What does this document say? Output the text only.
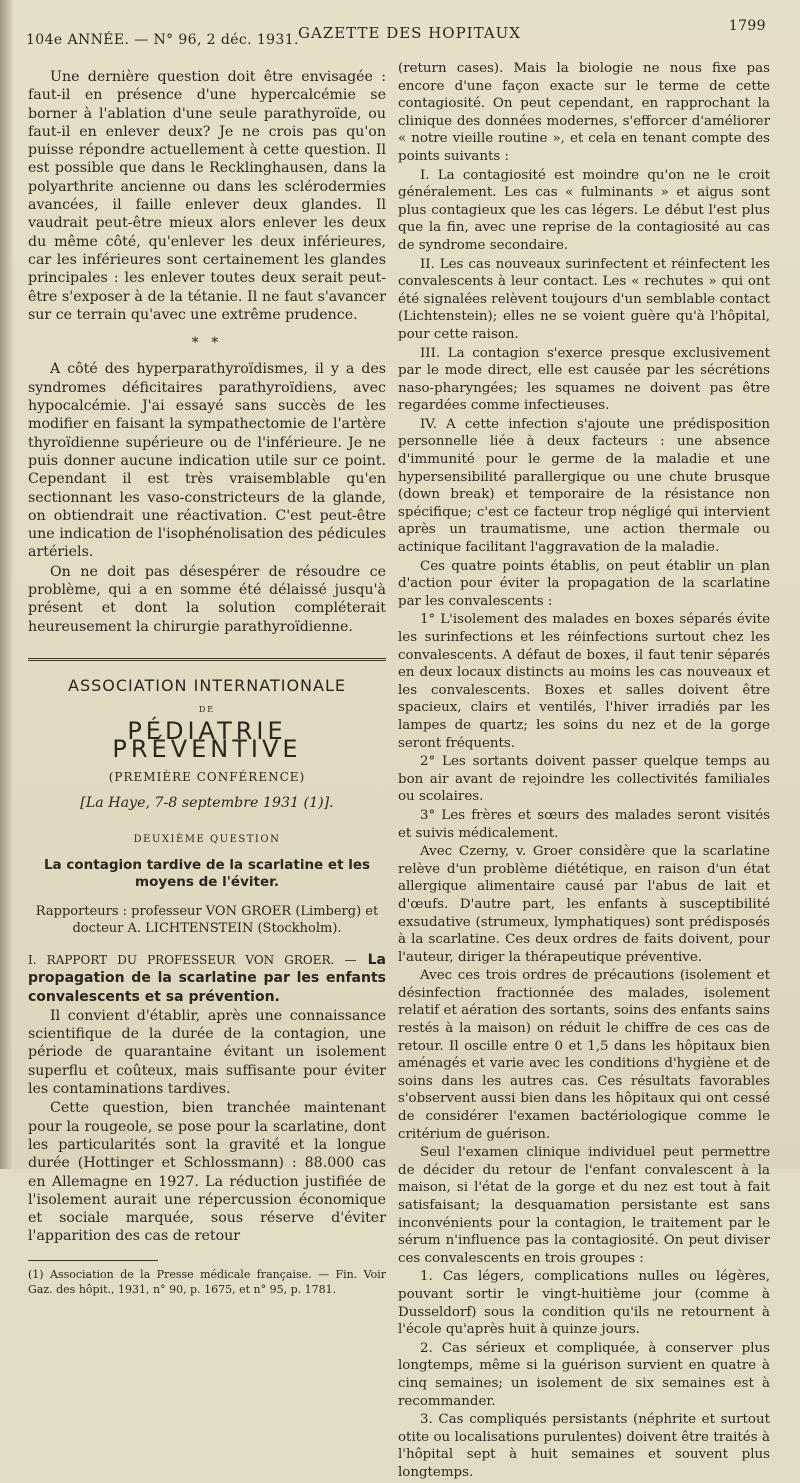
104e ANNÉE. — N° 96, 2 déc. 1931. GAZETTE DES HOPITAUX	1799

Une dernière question doit être envisagée : faut-il en présence d'une hypercalcémie se borner à l'ablation d'une seule parathyroïde, ou faut-il en enlever deux? Je ne crois pas qu'on puisse répondre actuellement à cette question. Il est possible que dans le Recklinghausen, dans la polyarthrite ancienne ou dans les sclérodermies avancées, il faille enlever deux glandes. Il vaudrait peut-être mieux alors enlever les deux du même côté, qu'enlever les deux inférieures, car les inférieures sont certainement les glandes principales : les enlever toutes deux serait peut-être s'exposer à de la tétanie. Il ne faut s'avancer sur ce terrain qu'avec une extrême prudence.

* *

A côté des hyperparathyroïdismes, il y a des syndromes déficitaires parathyroïdiens, avec hypocalcémie. J'ai essayé sans succès de les modifier en faisant la sympathectomie de l'artère thyroïdienne supérieure ou de l'inférieure. Je ne puis donner aucune indication utile sur ce point. Cependant il est très vraisemblable qu'en sectionnant les vaso-constricteurs de la glande, on obtiendrait une réactivation. C'est peut-être une indication de l'isophénolisation des pédicules artériels.

On ne doit pas désespérer de résoudre ce problème, qui a en somme été délaissé jusqu'à présent et dont la solution compléterait heureusement la chirurgie parathyroïdienne.

ASSOCIATION INTERNATIONALE
DE
PÉDIATRIE PRÉVENTIVE
(PREMIÈRE CONFÉRENCE)
[La Haye, 7-8 septembre 1931 (1)].
DEUXIÈME QUESTION
La contagion tardive de la scarlatine et les moyens de l'éviter.
Rapporteurs : professeur VON GROER (Limberg) et docteur A. LICHTENSTEIN (Stockholm).

I. RAPPORT DU PROFESSEUR VON GROER. — La propagation de la scarlatine par les enfants convalescents et sa prévention.

Il convient d'établir, après une connaissance scientifique de la durée de la contagion, une période de quarantaine évitant un isolement superflu et coûteux, mais suffisante pour éviter les contaminations tardives.

Cette question, bien tranchée maintenant pour la rougeole, se pose pour la scarlatine, dont les particularités sont la gravité et la longue durée (Hottinger et Schlossmann) : 88.000 cas en Allemagne en 1927. La réduction justifiée de l'isolement aurait une répercussion économique et sociale marquée, sous réserve d'éviter l'apparition des cas de retour

(1) Association de la Presse médicale française. — Fin. Voir Gaz. des hôpit., 1931, n° 90, p. 1675, et n° 95, p. 1781.

(return cases). Mais la biologie ne nous fixe pas encore d'une façon exacte sur le terme de cette contagiosité. On peut cependant, en rapprochant la clinique des données modernes, s'efforcer d'améliorer « notre vieille routine », et cela en tenant compte des points suivants :

I. La contagiosité est moindre qu'on ne le croit généralement. Les cas « fulminants » et aigus sont plus contagieux que les cas légers. Le début l'est plus que la fin, avec une reprise de la contagiosité au cas de syndrome secondaire.

II. Les cas nouveaux surinfectent et réinfectent les convalescents à leur contact. Les « rechutes » qui ont été signalées relèvent toujours d'un semblable contact (Lichtenstein); elles ne se voient guère qu'à l'hôpital, pour cette raison.

III. La contagion s'exerce presque exclusivement par le mode direct, elle est causée par les sécrétions naso-pharyngées; les squames ne doivent pas être regardées comme infectieuses.

IV. A cette infection s'ajoute une prédisposition personnelle liée à deux facteurs : une absence d'immunité pour le germe de la maladie et une hypersensibilité parallergique ou une chute brusque (down break) et temporaire de la résistance non spécifique; c'est ce facteur trop négligé qui intervient après un traumatisme, une action thermale ou actinique facilitant l'aggravation de la maladie.

Ces quatre points établis, on peut établir un plan d'action pour éviter la propagation de la scarlatine par les convalescents :

1° L'isolement des malades en boxes séparés évite les surinfections et les réinfections surtout chez les convalescents. A défaut de boxes, il faut tenir séparés en deux locaux distincts au moins les cas nouveaux et les convalescents. Boxes et salles doivent être spacieux, clairs et ventilés, l'hiver irradiés par les lampes de quartz; les soins du nez et de la gorge seront fréquents.

2° Les sortants doivent passer quelque temps au bon air avant de rejoindre les collectivités familiales ou scolaires.

3° Les frères et sœurs des malades seront visités et suivis médicalement.

Avec Czerny, v. Groer considère que la scarlatine relève d'un problème diététique, en raison d'un état allergique alimentaire causé par l'abus de lait et d'œufs. D'autre part, les enfants à susceptibilité exsudative (strumeux, lymphatiques) sont prédisposés à la scarlatine. Ces deux ordres de faits doivent, pour l'auteur, diriger la thérapeutique préventive.

Avec ces trois ordres de précautions (isolement et désinfection fractionnée des malades, isolement relatif et aération des sortants, soins des enfants sains restés à la maison) on réduit le chiffre de ces cas de retour. Il oscille entre 0 et 1,5 dans les hôpitaux bien aménagés et varie avec les conditions d'hygiène et de soins dans les autres cas. Ces résultats favorables s'observent aussi bien dans les hôpitaux qui ont cessé de considérer l'examen bactériologique comme le critérium de guérison.

Seul l'examen clinique individuel peut permettre de décider du retour de l'enfant convalescent à la maison, si l'état de la gorge et du nez est tout à fait satisfaisant; la desquamation persistante est sans inconvénients pour la contagion, le traitement par le sérum n'influence pas la contagiosité. On peut diviser ces convalescents en trois groupes :

1. Cas légers, complications nulles ou légères, pouvant sortir le vingt-huitième jour (comme à Dusseldorf) sous la condition qu'ils ne retournent à l'école qu'après huit à quinze jours.

2. Cas sérieux et compliquée, à conserver plus longtemps, même si la guérison survient en quatre à cinq semaines; un isolement de six semaines est à recommander.

3. Cas compliqués persistants (néphrite et surtout otite ou localisations purulentes) doivent être traités à l'hôpital sept à huit semaines et souvent plus longtemps.
